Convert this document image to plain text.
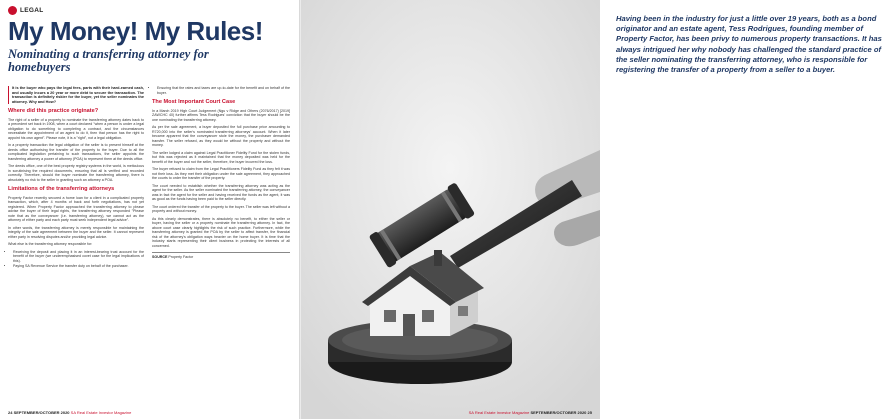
LEGAL
My Money! My Rules!
Nominating a transferring attorney for homebuyers

It is the buyer who pays the legal fees, parts with their hard-earned cash, and usually incurs a 20 year or more debt to secure the transaction. The transaction is definitely riskier for the buyer, yet the seller nominates the attorney. Why and How?

Where did this practice originate?

The right of a seller of a property to nominate the transferring attorney dates back to a precedent set back in 1908, when a court declared "when a person is under a legal obligation to do something to completing a contract, and the circumstances necessitate the appointment of an agent to do it, then that person has the right to appoint his own agent". Please note, it is a "right", not a legal obligation.

In a property transaction the legal obligation of the seller is to present himself at the deeds office authorising the transfer of the property to the buyer. Due to all the complicated legislation pertaining to such transactions, the seller appoints the transferring attorney a power of attorney (POA) to represent them at the deeds office.

The deeds office, one of the best property registry systems in the world, is meticulous in scrutinising the required documents, ensuring that all is verified and recorded correctly. Therefore, should the buyer nominate the transferring attorney, there is absolutely no risk to the seller in granting such an attorney a POA.

Limitations of the transferring attorneys

Property Factor recently secured a home loan for a client in a complicated property transaction, which, after 4 months of back and forth negotiations, has not yet registered. When Property Factor approached the transferring attorney to please advise the buyer of their legal rights, the transferring attorney responded "Please note that as the conveyancer (i.e. transferring attorney), we cannot act as the attorney of either party and each party must seek independent legal advice".

In other words, the transferring attorney is merely responsible for maintaining the integrity of the sale agreement between the buyer and the seller. It cannot represent either party in resolving disputes and/or providing legal advice.

What else is the transferring attorney responsible for:

• Receiving the deposit and placing it in an interest-bearing trust account for the benefit of the buyer (we underemphasised covet case for the legal implications of this).
• Paying SA Revenue Service the transfer duty on behalf of the purchaser.
• Ensuring that the rates and taxes are up-to-date for the benefit and on behalf of the buyer.
The Most Important Court Case

In a March 2019 High Court Judgement (Ngu v Ridge and Others (2076/2017) [2019] ZAWCHC 40) further affirms Tess Rodrigues' conviction that the buyer should be the one nominating the transferring attorney.

As per the sale agreement, a buyer deposited the full purchase price amounting to R720,000 into the seller's nominated transferring attorneys' account. When it later became apparent that the conveyancer stole the money, the purchaser demanded transfer. The seller refused, as they would be without the property and without the money.

The seller lodged a claim against Legal Practitioner Fidelity Fund for the stolen funds, but this was rejected as it maintained that the money deposited was held for the benefit of the buyer and not the seller, therefore, the buyer incurred the loss.

The buyer refused to claim from the Legal Practitioners Fidelity Fund as they felt it was not their loss. As they met their obligation under the sale agreement, they approached the courts to order the transfer of the property.

The court needed to establish whether the transferring attorney was acting as the agent for the seller. As the seller nominated the transferring attorney, the conveyancer was in fact the agent for the seller and having received the funds as the agent, it was as good as the funds having been paid to the seller directly.

The court ordered the transfer of the property to the buyer. The seller was left without a property and without money.

As this clearly demonstrates, there is absolutely no benefit, to either the seller or buyer, having the seller or a property nominate the transferring attorney. In fact, the above court case clearly highlights the risk of such practice. Furthermore, while the transferring attorney is granted the POA by the seller to affect transfer, the financial risk of the attorney's obligation ways heavier on the home buyer. It is time that the industry starts representing their client business in protecting the interests of all concerned.

SOURCE Property Factor
24 SEPTEMBER/OCTOBER 2020 SA Real Estate Investor Magazine
Having been in the industry for just a little over 19 years, both as a bond originator and an estate agent, Tess Rodrigues, founding member of Property Factor, has been privy to numerous property transactions. It has always intrigued her why nobody has challenged the standard practice of the seller nominating the transferring attorney, who is responsible for registering the transfer of a property from a seller to a buyer.
SA Real Estate Investor Magazine SEPTEMBER/OCTOBER 2020 25
